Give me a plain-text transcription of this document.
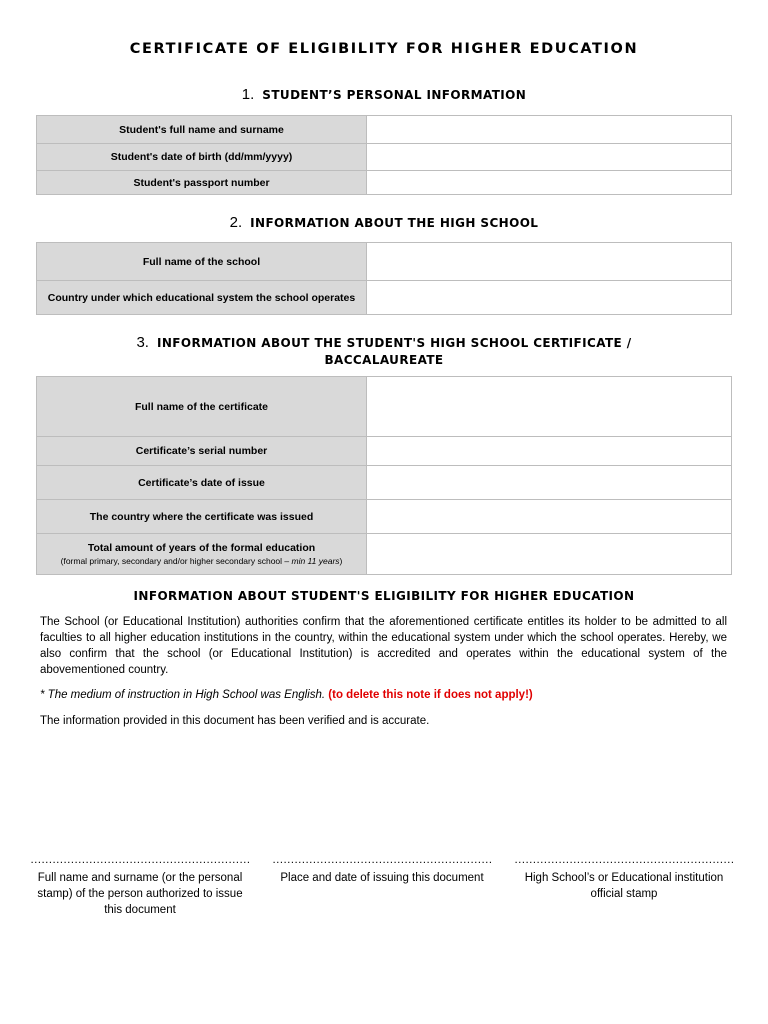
CERTIFICATE OF ELIGIBILITY FOR HIGHER EDUCATION
1. STUDENT’S PERSONAL INFORMATION
Student's full name and surname	
Student's date of birth (dd/mm/yyyy)	
Student's passport number	
2. INFORMATION ABOUT THE HIGH SCHOOL
Full name of the school	
Country under which educational system the school operates	
3. INFORMATION ABOUT THE STUDENT'S HIGH SCHOOL CERTIFICATE /
BACCALAUREATE
Full name of the certificate	
Certificate’s serial number	
Certificate’s date of issue	
The country where the certificate was issued	
Total amount of years of the formal education
(formal primary, secondary and/or higher secondary school – min 11 years)	

INFORMATION ABOUT STUDENT'S ELIGIBILITY FOR HIGHER EDUCATION
The School (or Educational Institution) authorities confirm that the aforementioned certificate entitles its holder to be admitted to all faculties to all higher education institutions in the country, within the educational system under which the school operates. Hereby, we also confirm that the school (or Educational Institution) is accredited and operates within the educational system of the abovementioned country.
* The medium of instruction in High School was English. (to delete this note if does not apply!)
The information provided in this document has been verified and is accurate.
……………………………………………………
Full name and surname (or the personal stamp) of the person authorized to issue this document
……………………………………………………
Place and date of issuing this document
……………………………………………………
High School’s or Educational institution official stamp
